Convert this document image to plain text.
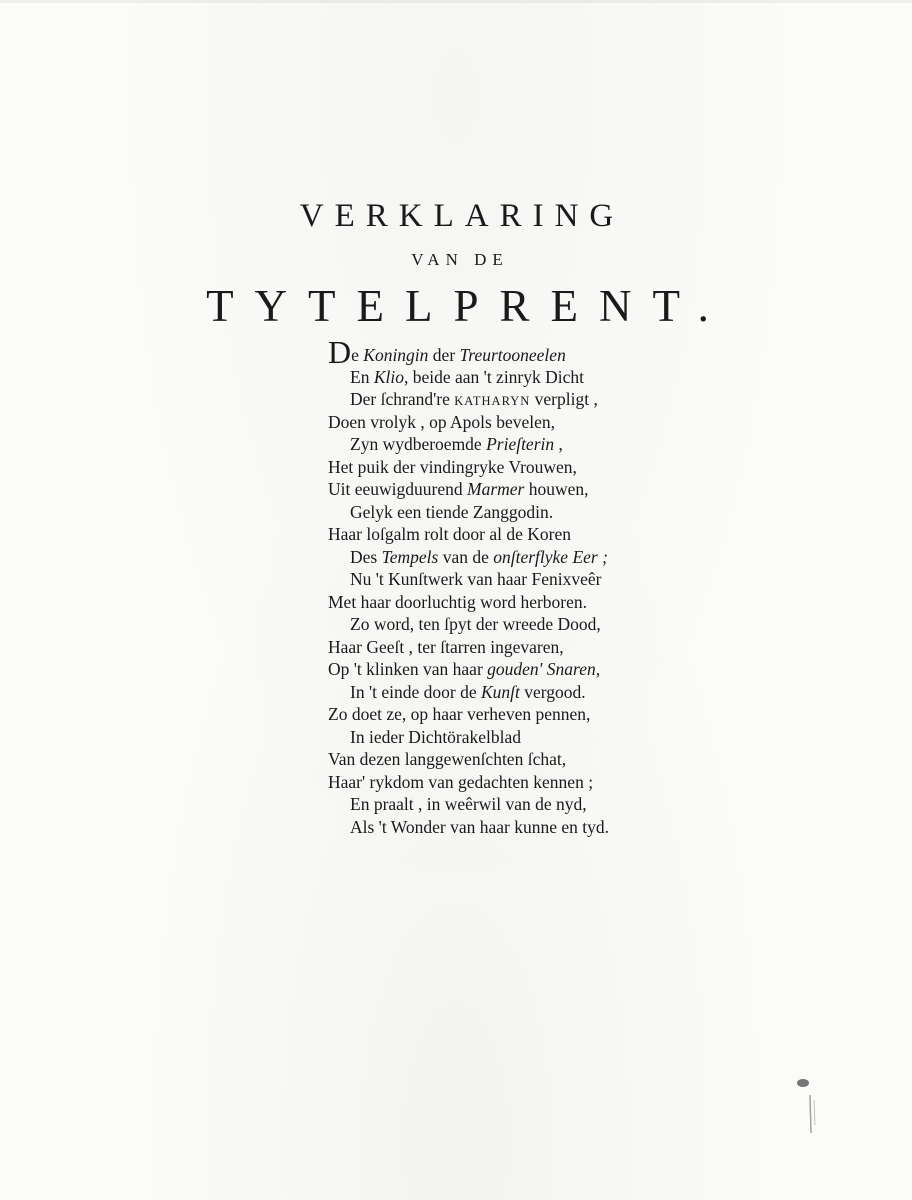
VERKLARING
VAN DE
TYTELPRENT.
De Koningin der Treurtooneelen
En Klio, beide aan 't zinryk Dicht
Der ſchrand're KATHARYN verpligt ,
Doen vrolyk , op Apols bevelen,
Zyn wydberoemde Prieſterin ,
Het puik der vindingryke Vrouwen,
Uit eeuwigduurend Marmer houwen,
Gelyk een tiende Zanggodin.
Haar loſgalm rolt door al de Koren
Des Tempels van de onſterflyke Eer ;
Nu 't Kunſtwerk van haar Fenixveêr
Met haar doorluchtig word herboren.
Zo word, ten ſpyt der wreede Dood,
Haar Geeſt , ter ſtarren ingevaren,
Op 't klinken van haar gouden' Snaren,
In 't einde door de Kunſt vergood.
Zo doet ze, op haar verheven pennen,
In ieder Dichtörakelblad
Van dezen langgewenſchten ſchat,
Haar' rykdom van gedachten kennen ;
En praalt , in weêrwil van de nyd,
Als 't Wonder van haar kunne en tyd.
